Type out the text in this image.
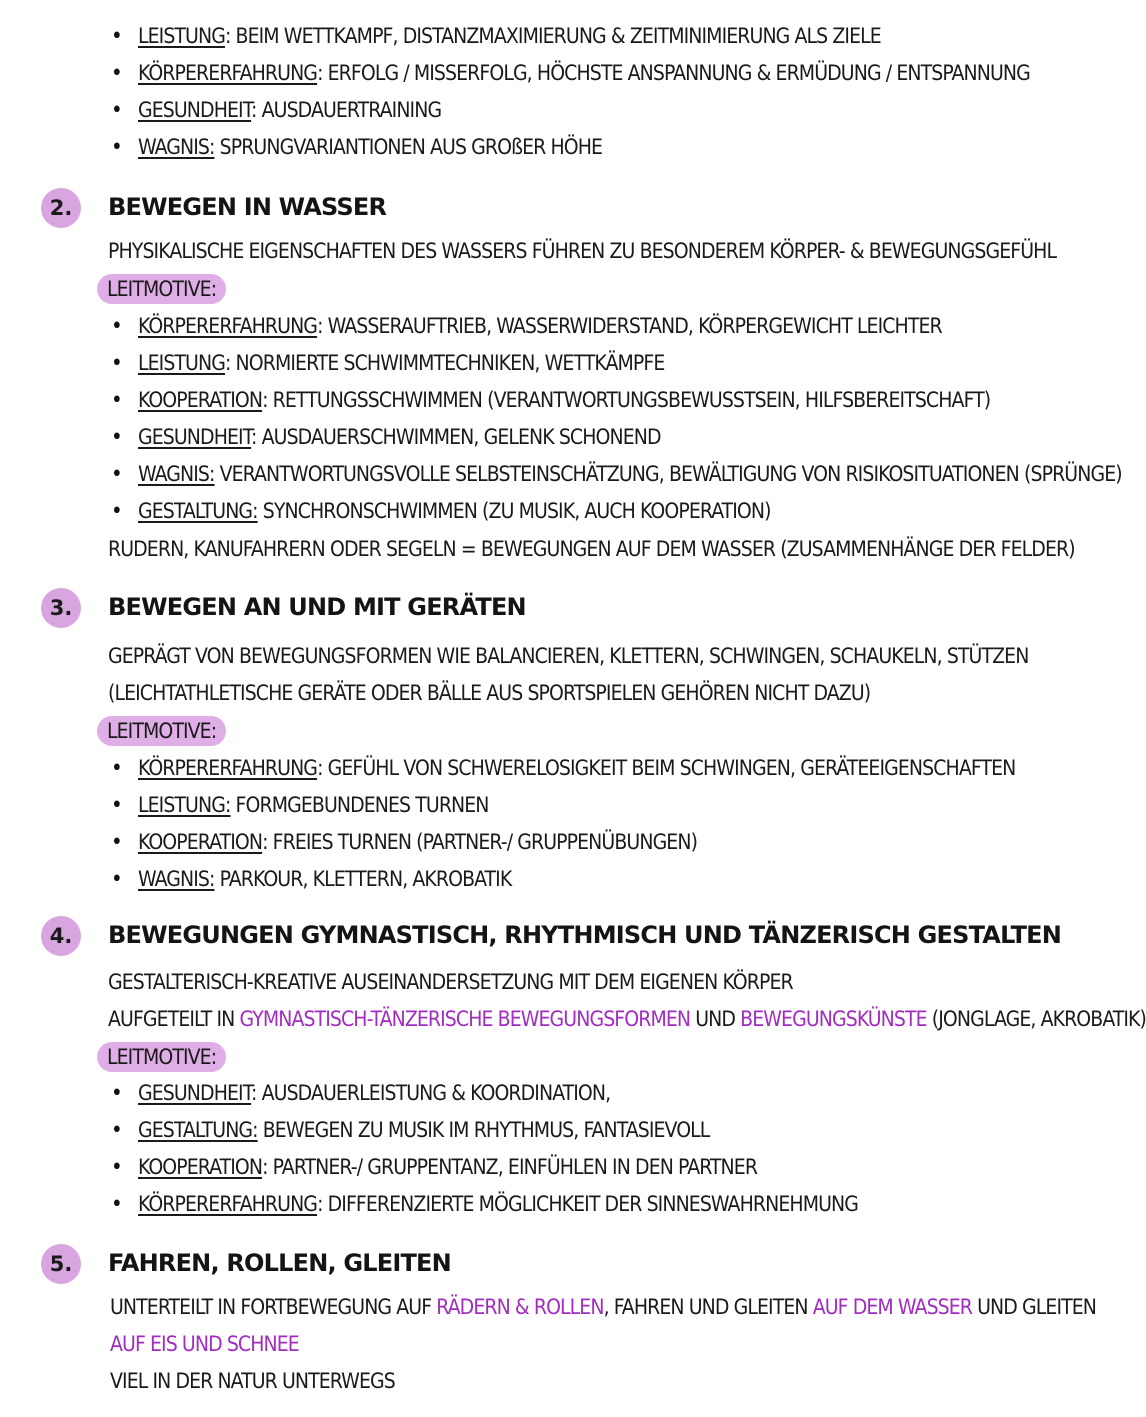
• LEISTUNG: BEIM WETTKAMPF, DISTANZMAXIMIERUNG & ZEITMINIMIERUNG ALS ZIELE
• KÖRPERERFAHRUNG: ERFOLG / MISSERFOLG, HÖCHSTE ANSPANNUNG & ERMÜDUNG / ENTSPANNUNG
• GESUNDHEIT: AUSDAUERTRAINING
• WAGNIS: SPRUNGVARIANTIONEN AUS GROßER HÖHE
2.	BEWEGEN IN WASSER
PHYSIKALISCHE EIGENSCHAFTEN DES WASSERS FÜHREN ZU BESONDEREM KÖRPER- & BEWEGUNGSGEFÜHL
LEITMOTIVE:
• KÖRPERERFAHRUNG: WASSERAUFTRIEB, WASSERWIDERSTAND, KÖRPERGEWICHT LEICHTER
• LEISTUNG: NORMIERTE SCHWIMMTECHNIKEN, WETTKÄMPFE
• KOOPERATION: RETTUNGSSCHWIMMEN (VERANTWORTUNGSBEWUSSTSEIN, HILFSBEREITSCHAFT)
• GESUNDHEIT: AUSDAUERSCHWIMMEN, GELENK SCHONEND
• WAGNIS: VERANTWORTUNGSVOLLE SELBSTEINSCHÄTZUNG, BEWÄLTIGUNG VON RISIKOSITUATIONEN (SPRÜNGE)
• GESTALTUNG: SYNCHRONSCHWIMMEN (ZU MUSIK, AUCH KOOPERATION)
RUDERN, KANUFAHRERN ODER SEGELN = BEWEGUNGEN AUF DEM WASSER (ZUSAMMENHÄNGE DER FELDER)
3.	BEWEGEN AN UND MIT GERÄTEN
GEPRÄGT VON BEWEGUNGSFORMEN WIE BALANCIEREN, KLETTERN, SCHWINGEN, SCHAUKELN, STÜTZEN
(LEICHTATHLETISCHE GERÄTE ODER BÄLLE AUS SPORTSPIELEN GEHÖREN NICHT DAZU)
LEITMOTIVE:
• KÖRPERERFAHRUNG: GEFÜHL VON SCHWERELOSIGKEIT BEIM SCHWINGEN, GERÄTEEIGENSCHAFTEN
• LEISTUNG: FORMGEBUNDENES TURNEN
• KOOPERATION: FREIES TURNEN (PARTNER-/ GRUPPENÜBUNGEN)
• WAGNIS: PARKOUR, KLETTERN, AKROBATIK
4.	BEWEGUNGEN GYMNASTISCH, RHYTHMISCH UND TÄNZERISCH GESTALTEN
GESTALTERISCH-KREATIVE AUSEINANDERSETZUNG MIT DEM EIGENEN KÖRPER
AUFGETEILT IN GYMNASTISCH-TÄNZERISCHE BEWEGUNGSFORMEN UND BEWEGUNGSKÜNSTE (JONGLAGE, AKROBATIK)
LEITMOTIVE:
• GESUNDHEIT: AUSDAUERLEISTUNG & KOORDINATION,
• GESTALTUNG: BEWEGEN ZU MUSIK IM RHYTHMUS, FANTASIEVOLL
• KOOPERATION: PARTNER-/ GRUPPENTANZ, EINFÜHLEN IN DEN PARTNER
• KÖRPERERFAHRUNG: DIFFERENZIERTE MÖGLICHKEIT DER SINNESWAHRNEHMUNG
5.	FAHREN, ROLLEN, GLEITEN
UNTERTEILT IN FORTBEWEGUNG AUF RÄDERN & ROLLEN, FAHREN UND GLEITEN AUF DEM WASSER UND GLEITEN
AUF EIS UND SCHNEE
VIEL IN DER NATUR UNTERWEGS
